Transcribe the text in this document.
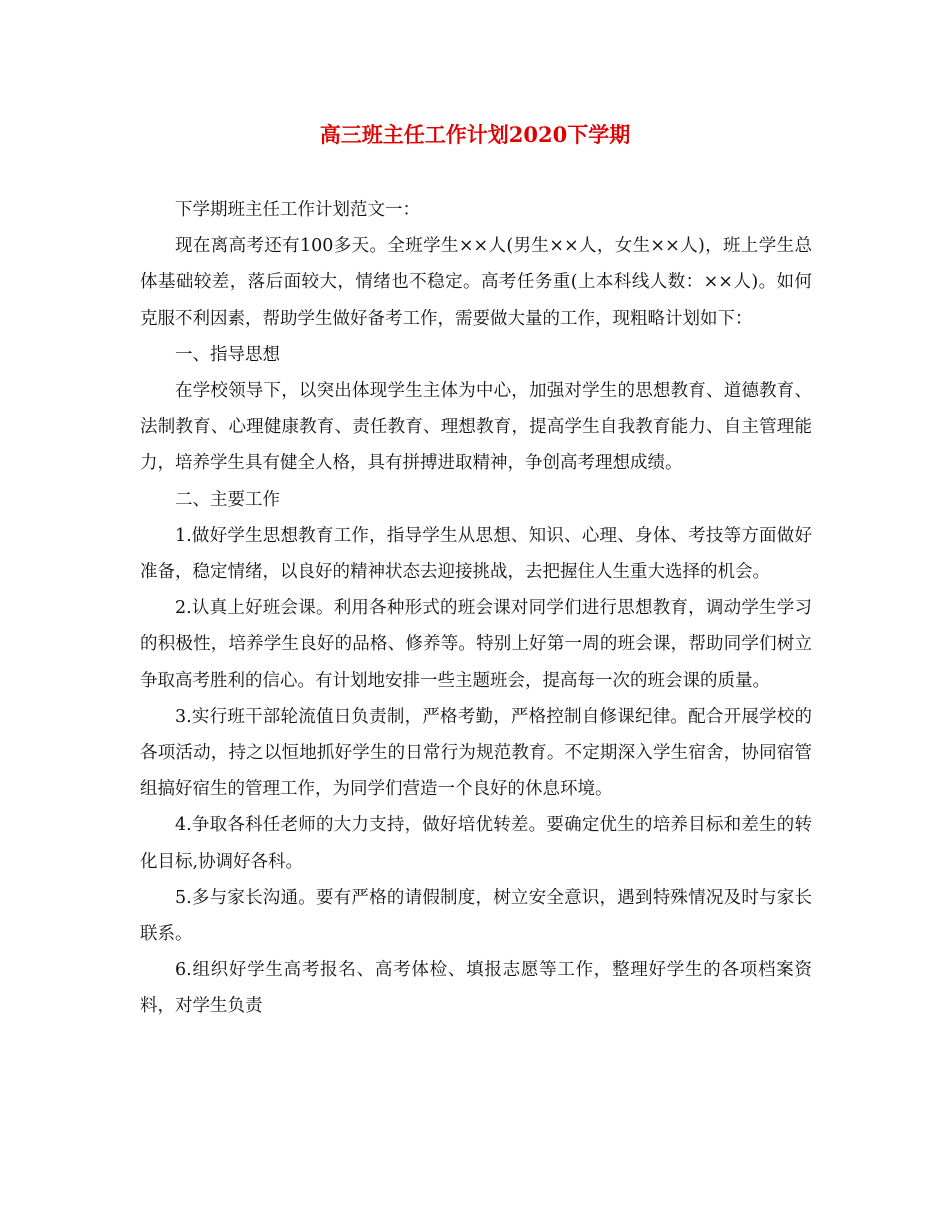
高三班主任工作计划2020下学期

下学期班主任工作计划范文一：

现在离高考还有100多天。全班学生××人(男生××人，女生××人)，班上学生总体基础较差，落后面较大，情绪也不稳定。高考任务重(上本科线人数：××人)。如何克服不利因素，帮助学生做好备考工作，需要做大量的工作，现粗略计划如下：

一、指导思想

在学校领导下，以突出体现学生主体为中心，加强对学生的思想教育、道德教育、法制教育、心理健康教育、责任教育、理想教育，提高学生自我教育能力、自主管理能力，培养学生具有健全人格，具有拼搏进取精神，争创高考理想成绩。

二、主要工作

1.做好学生思想教育工作，指导学生从思想、知识、心理、身体、考技等方面做好准备，稳定情绪，以良好的精神状态去迎接挑战，去把握住人生重大选择的机会。

2.认真上好班会课。利用各种形式的班会课对同学们进行思想教育，调动学生学习的积极性，培养学生良好的品格、修养等。特别上好第一周的班会课，帮助同学们树立争取高考胜利的信心。有计划地安排一些主题班会，提高每一次的班会课的质量。

3.实行班干部轮流值日负责制，严格考勤，严格控制自修课纪律。配合开展学校的各项活动，持之以恒地抓好学生的日常行为规范教育。不定期深入学生宿舍，协同宿管组搞好宿生的管理工作，为同学们营造一个良好的休息环境。

4.争取各科任老师的大力支持，做好培优转差。要确定优生的培养目标和差生的转化目标,协调好各科。

5.多与家长沟通。要有严格的请假制度，树立安全意识，遇到特殊情况及时与家长联系。

6.组织好学生高考报名、高考体检、填报志愿等工作，整理好学生的各项档案资料，对学生负责
